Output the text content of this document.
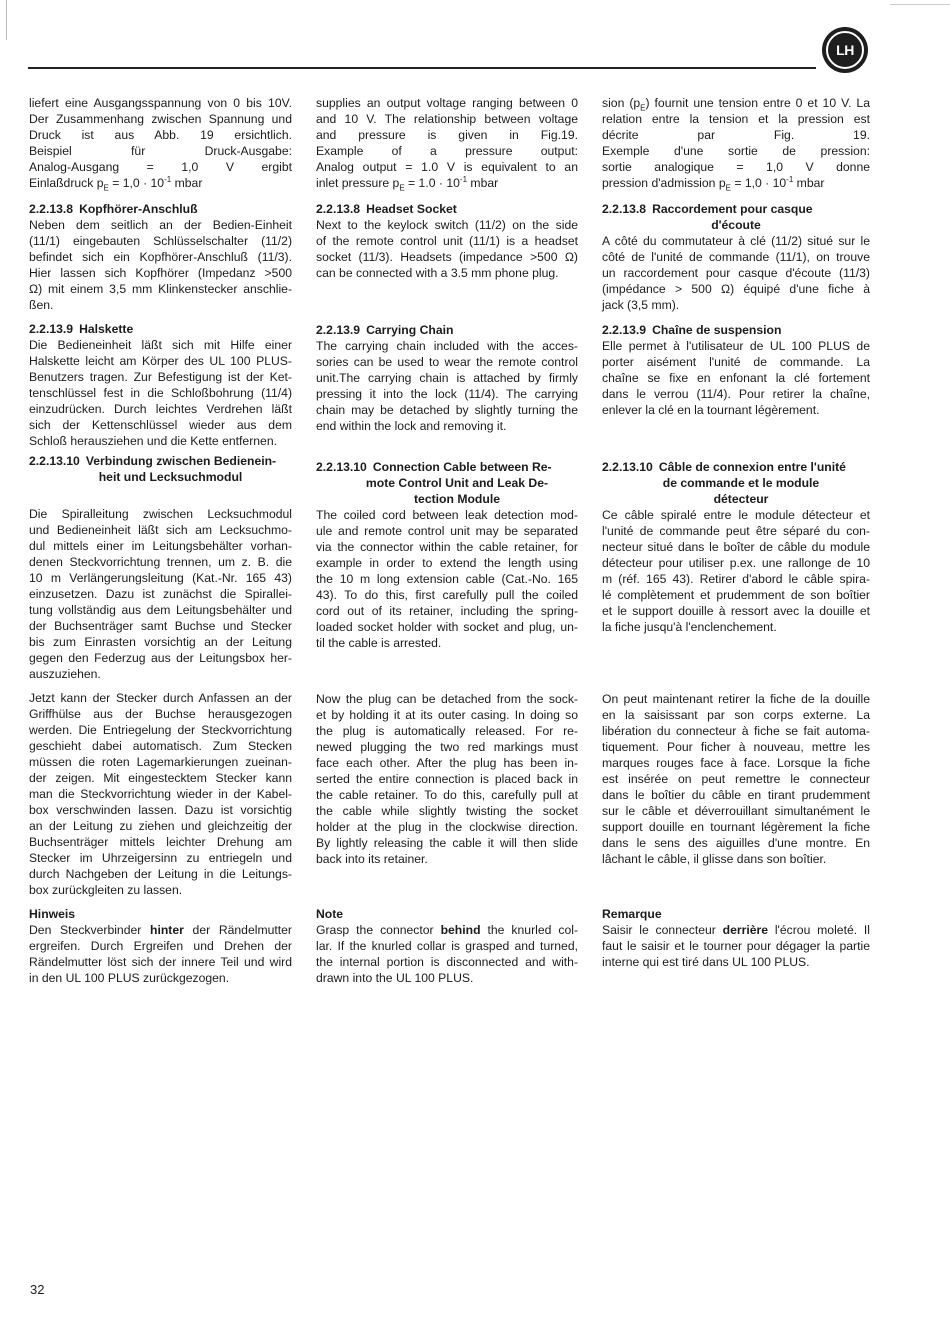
LH
liefert eine Ausgangsspannung von 0 bis 10V.
Der Zusammenhang zwischen Spannung und
Druck ist aus Abb. 19 ersichtlich.
Beispiel für Druck-Ausgabe:
Analog-Ausgang = 1,0 V ergibt
Einlaßdruck $p_E = 1,0 \cdot 10^{-1}$ mbar
2.2.13.8 Kopfhörer-Anschluß
Neben dem seitlich an der Bedien-Einheit
(11/1) eingebauten Schlüsselschalter (11/2)
befindet sich ein Kopfhörer-Anschluß (11/3).
Hier lassen sich Kopfhörer (Impedanz >500
Ω) mit einem 3,5 mm Klinkenstecker anschlie-
ßen.
2.2.13.9 Halskette
Die Bedieneinheit läßt sich mit Hilfe einer
Halskette leicht am Körper des UL 100 PLUS-
Benutzers tragen. Zur Befestigung ist der Ket-
tenschlüssel fest in die Schloßbohrung (11/4)
einzudrücken. Durch leichtes Verdrehen läßt
sich der Kettenschlüssel wieder aus dem
Schloß herausziehen und die Kette entfernen.
2.2.13.10 Verbindung zwischen Bedienein-
heit und Lecksuchmodul
Die Spiralleitung zwischen Lecksuchmodul
und Bedieneinheit läßt sich am Lecksuchmo-
dul mittels einer im Leitungsbehälter vorhan-
denen Steckvorrichtung trennen, um z. B. die
10 m Verlängerungsleitung (Kat.-Nr. 165 43)
einzusetzen. Dazu ist zunächst die Spirallei-
tung vollständig aus dem Leitungsbehälter und
der Buchsenträger samt Buchse und Stecker
bis zum Einrasten vorsichtig an der Leitung
gegen den Federzug aus der Leitungsbox her-
auszuziehen.
Jetzt kann der Stecker durch Anfassen an der
Griffhülse aus der Buchse herausgezogen
werden. Die Entriegelung der Steckvorrichtung
geschieht dabei automatisch. Zum Stecken
müssen die roten Lagemarkierungen zueinan-
der zeigen. Mit eingestecktem Stecker kann
man die Steckvorrichtung wieder in der Kabel-
box verschwinden lassen. Dazu ist vorsichtig
an der Leitung zu ziehen und gleichzeitig der
Buchsenträger mittels leichter Drehung am
Stecker im Uhrzeigersinn zu entriegeln und
durch Nachgeben der Leitung in die Leitungs-
box zurückgleiten zu lassen.
Hinweis
Den Steckverbinder hinter der Rändelmutter
ergreifen. Durch Ergreifen und Drehen der
Rändelmutter löst sich der innere Teil und wird
in den UL 100 PLUS zurückgezogen.
supplies an output voltage ranging between 0
and 10 V. The relationship between voltage
and pressure is given in Fig.19.
Example of a pressure output:
Analog output = 1.0 V is equivalent to an
inlet pressure $p_E = 1.0 \cdot 10^{-1}$ mbar
2.2.13.8 Headset Socket
Next to the keylock switch (11/2) on the side
of the remote control unit (11/1) is a headset
socket (11/3). Headsets (impedance >500 Ω)
can be connected with a 3.5 mm phone plug.
2.2.13.9 Carrying Chain
The carrying chain included with the acces-
sories can be used to wear the remote control
unit.The carrying chain is attached by firmly
pressing it into the lock (11/4). The carrying
chain may be detached by slightly turning the
end within the lock and removing it.
2.2.13.10 Connection Cable between Re-
mote Control Unit and Leak De-
tection Module
The coiled cord between leak detection mod-
ule and remote control unit may be separated
via the connector within the cable retainer, for
example in order to extend the length using
the 10 m long extension cable (Cat.-No. 165
43). To do this, first carefully pull the coiled
cord out of its retainer, including the spring-
loaded socket holder with socket and plug, un-
til the cable is arrested.
Now the plug can be detached from the sock-
et by holding it at its outer casing. In doing so
the plug is automatically released. For re-
newed plugging the two red markings must
face each other. After the plug has been in-
serted the entire connection is placed back in
the cable retainer. To do this, carefully pull at
the cable while slightly twisting the socket
holder at the plug in the clockwise direction.
By lightly releasing the cable it will then slide
back into its retainer.
Note
Grasp the connector behind the knurled col-
lar. If the knurled collar is grasped and turned,
the internal portion is disconnected and with-
drawn into the UL 100 PLUS.
sion $(p_E)$ fournit une tension entre 0 et 10 V. La
relation entre la tension et la pression est
décrite par Fig. 19.
Exemple d'une sortie de pression:
sortie analogique = 1,0 V donne
pression d'admission $p_E = 1,0 \cdot 10^{-1}$ mbar
2.2.13.8 Raccordement pour casque
d'écoute
A côté du commutateur à clé (11/2) situé sur le
côté de l'unité de commande (11/1), on trouve
un raccordement pour casque d'écoute (11/3)
(impédance > 500 Ω) équipé d'une fiche à
jack (3,5 mm).
2.2.13.9 Chaîne de suspension
Elle permet à l'utilisateur de UL 100 PLUS de
porter aisément l'unité de commande. La
chaîne se fixe en enfonant la clé fortement
dans le verrou (11/4). Pour retirer la chaîne,
enlever la clé en la tournant légèrement.
2.2.13.10 Câble de connexion entre l'unité
de commande et le module
détecteur
Ce câble spiralé entre le module détecteur et
l'unité de commande peut être séparé du con-
necteur situé dans le boîter de câble du module
détecteur pour utiliser p.ex. une rallonge de 10
m (réf. 165 43). Retirer d'abord le câble spira-
lé complètement et prudemment de son boîtier
et le support douille à ressort avec la douille et
la fiche jusqu'à l'enclenchement.
On peut maintenant retirer la fiche de la douille
en la saisissant par son corps externe. La
libération du connecteur à fiche se fait automa-
tiquement. Pour ficher à nouveau, mettre les
marques rouges face à face. Lorsque la fiche
est insérée on peut remettre le connecteur
dans le boîtier du câble en tirant prudemment
sur le câble et déverrouillant simultanément le
support douille en tournant légèrement la fiche
dans le sens des aiguilles d'une montre. En
lâchant le câble, il glisse dans son boîtier.
Remarque
Saisir le connecteur derrière l'écrou moleté. Il
faut le saisir et le tourner pour dégager la partie
interne qui est tiré dans UL 100 PLUS.
32
